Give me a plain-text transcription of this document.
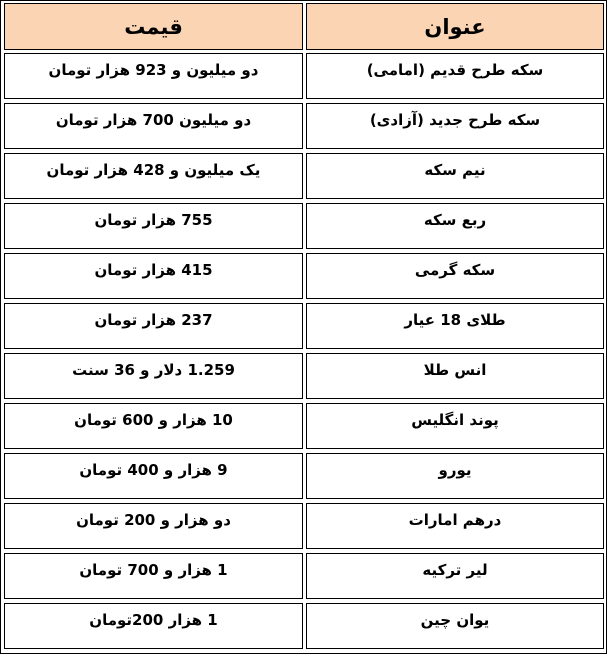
قیمت	عنوان
دو میلیون و 923 هزار تومان	سکه طرح قدیم (امامی)
دو میلیون 700 هزار تومان	سکه طرح جدید (آزادی)
یک میلیون و 428 هزار تومان	نیم سکه
755 هزار تومان	ربع سکه
415 هزار تومان	سکه گرمی
237 هزار تومان	طلای 18 عیار
1.259 دلار و 36 سنت	انس طلا
10 هزار و 600 تومان	پوند انگلیس
9 هزار و 400 تومان	یورو
دو هزار و 200 تومان	درهم امارات
1 هزار و 700 تومان	لیر ترکیه
1 هزار 200تومان	یوان چین
